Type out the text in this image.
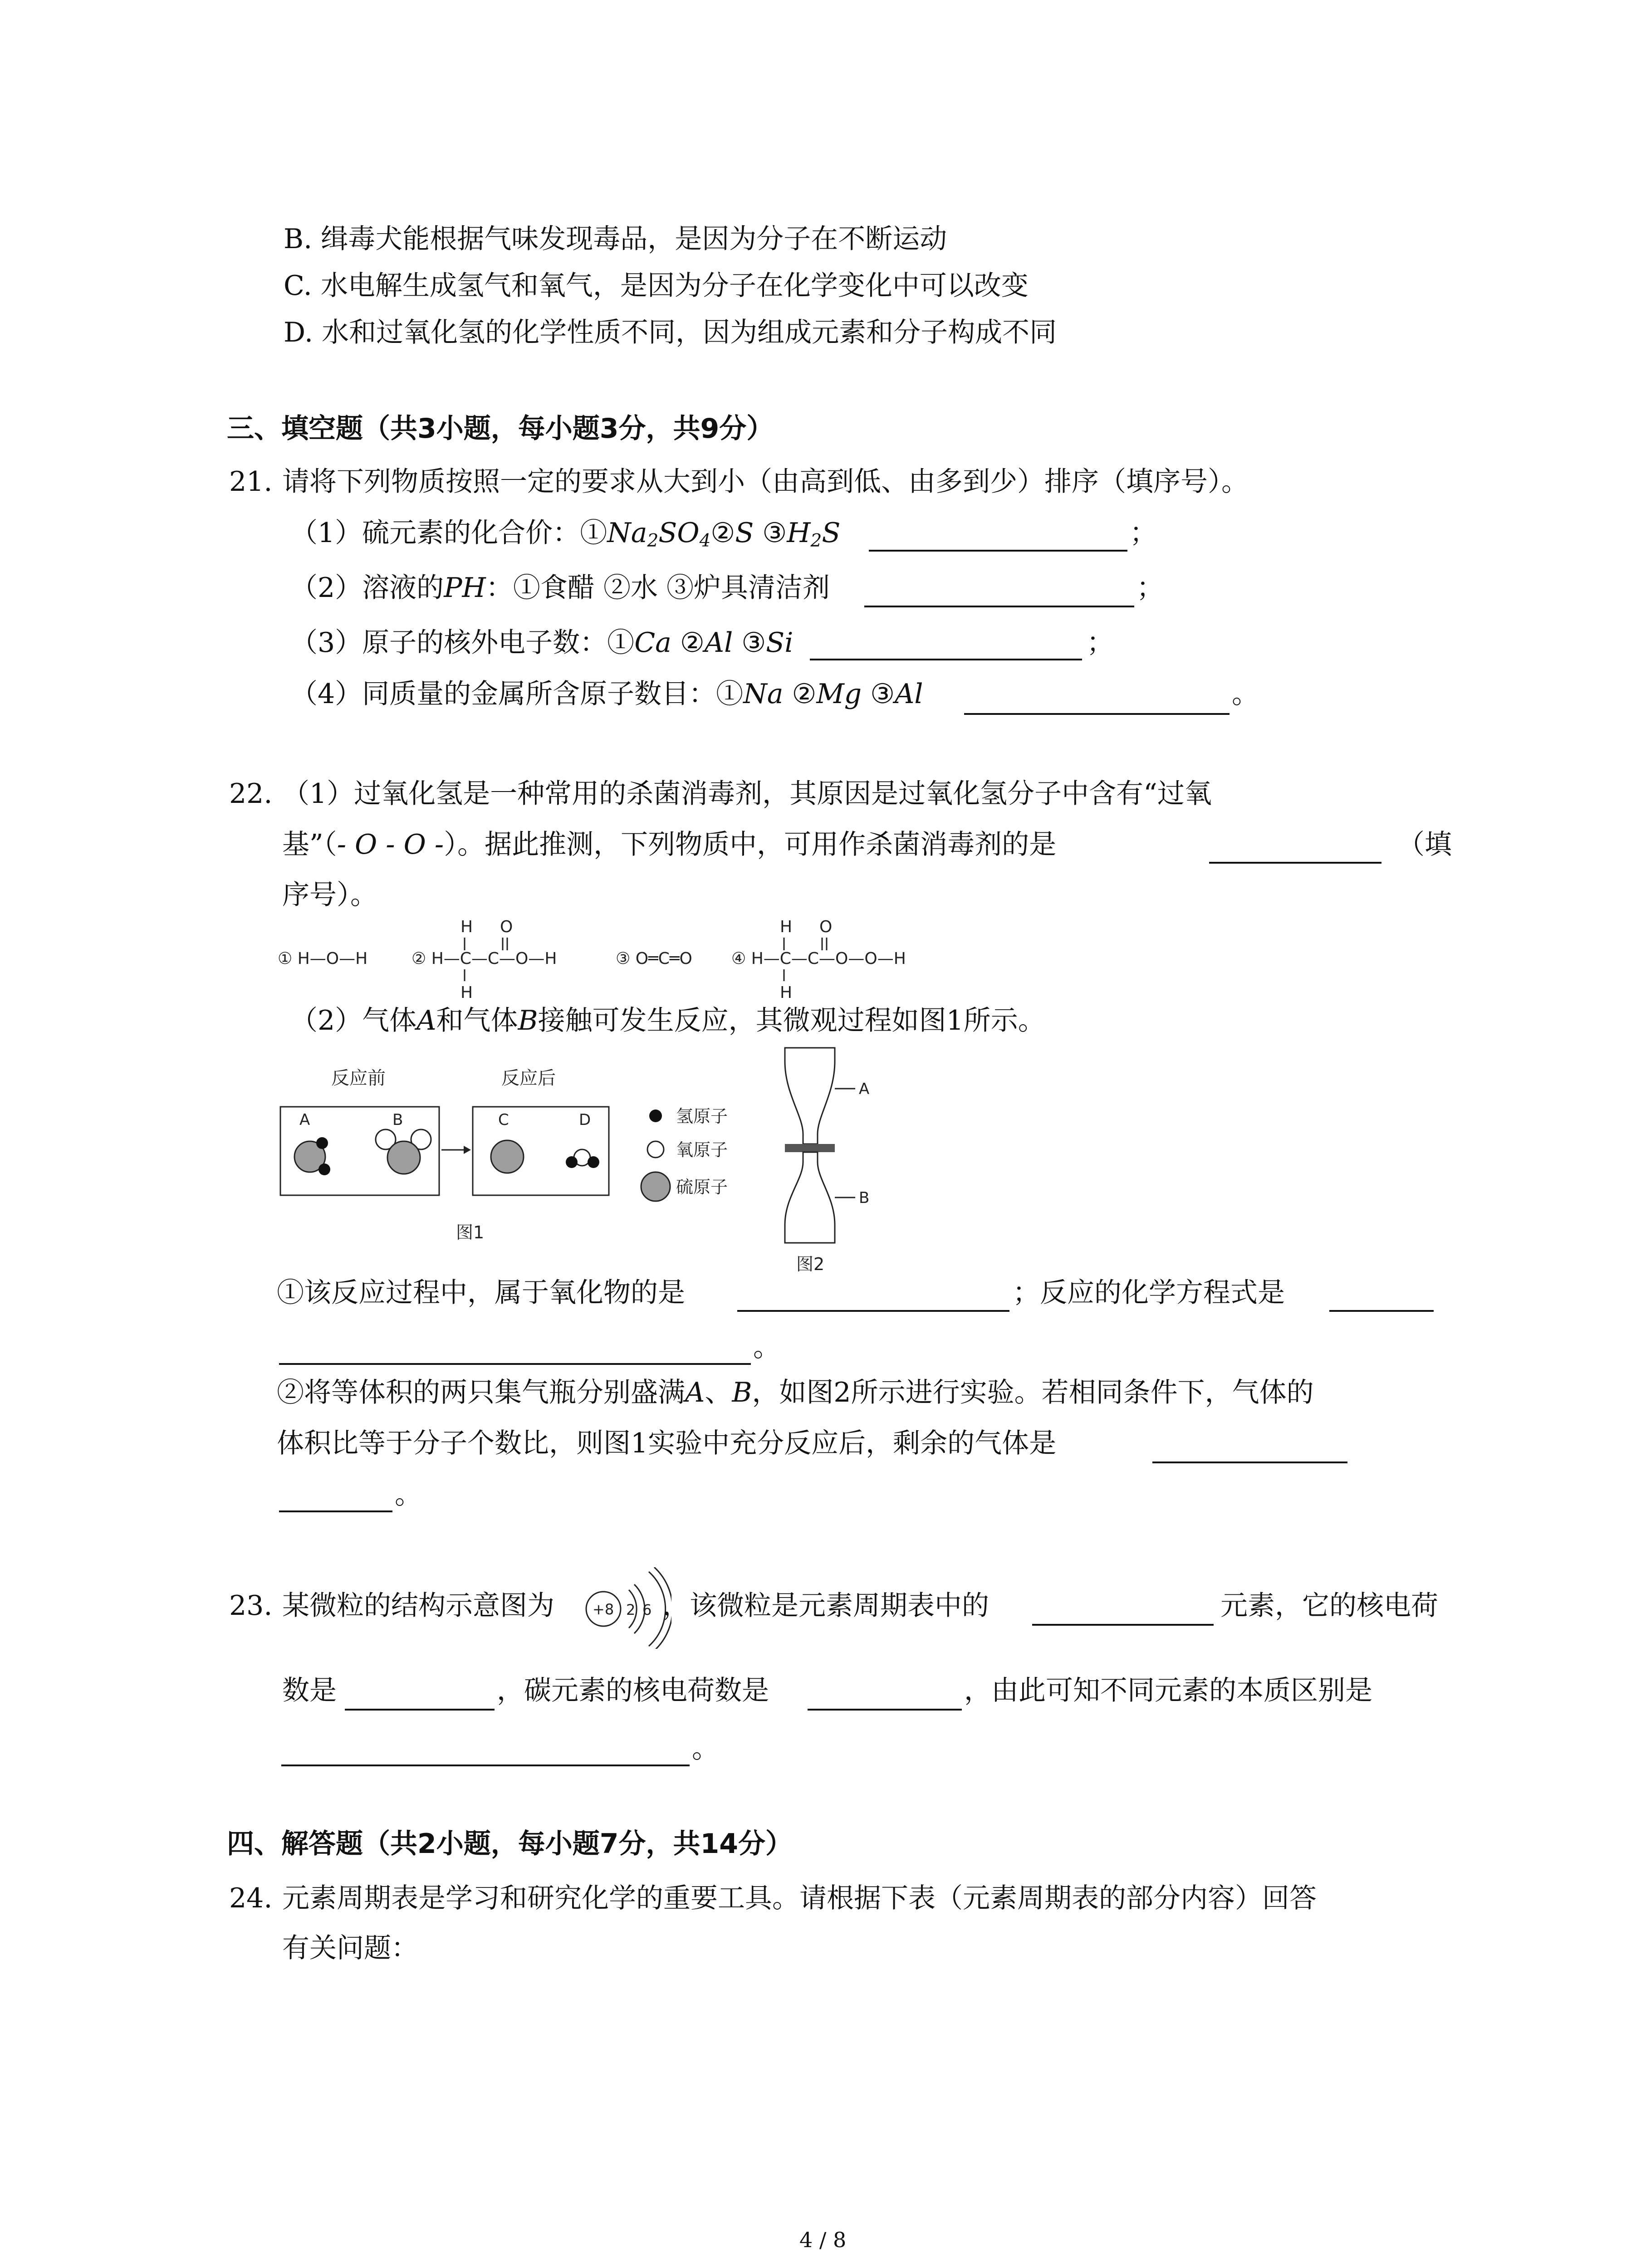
B. 缉毒犬能根据气味发现毒品，是因为分子在不断运动
C. 水电解生成氢气和氧气，是因为分子在化学变化中可以改变
D. 水和过氧化氢的化学性质不同，因为组成元素和分子构成不同
三、填空题（共3小题，每小题3分，共9分）
21. 请将下列物质按照一定的要求从大到小（由高到低、由多到少）排序（填序号）。
（1）硫元素的化合价：$①Na_2SO_4②S$ $③H_2S$	；
（2）溶液的PH：①食醋 ②水 ③炉具清洁剂	；
（3）原子的核外电子数：①Ca ②Al ③Si	；
（4）同质量的金属所含原子数目：①Na ②Mg ③Al	。
22. （1）过氧化氢是一种常用的杀菌消毒剂，其原因是过氧化氢分子中含有“过氧
基”（- O - O -）。据此推测，下列物质中，可用作杀菌消毒剂的是	（填
序号）。
① H—O—H	② H—C—C—O—H
H
H
O
③ O═C═O ④ H—C—C—O—O—H
H
H
O
（2）气体A和气体B接触可发生反应，其微观过程如图1所示。
反应前	反应后
A	B	C	D
图1
氢原子
氧原子
硫原子
A
B
图2
①该反应过程中，属于氧化物的是	；反应的化学方程式是
。
②将等体积的两只集气瓶分别盛满A、B，如图2所示进行实验。若相同条件下，气体的
体积比等于分子个数比，则图1实验中充分反应后，剩余的气体是
。
23. 某微粒的结构示意图为	+8 2 6 ，该微粒是元素周期表中的	元素，它的核电荷
数是	，碳元素的核电荷数是	，由此可知不同元素的本质区别是
。
四、解答题（共2小题，每小题7分，共14分）
24. 元素周期表是学习和研究化学的重要工具。请根据下表（元素周期表的部分内容）回答
有关问题：
4 / 8
